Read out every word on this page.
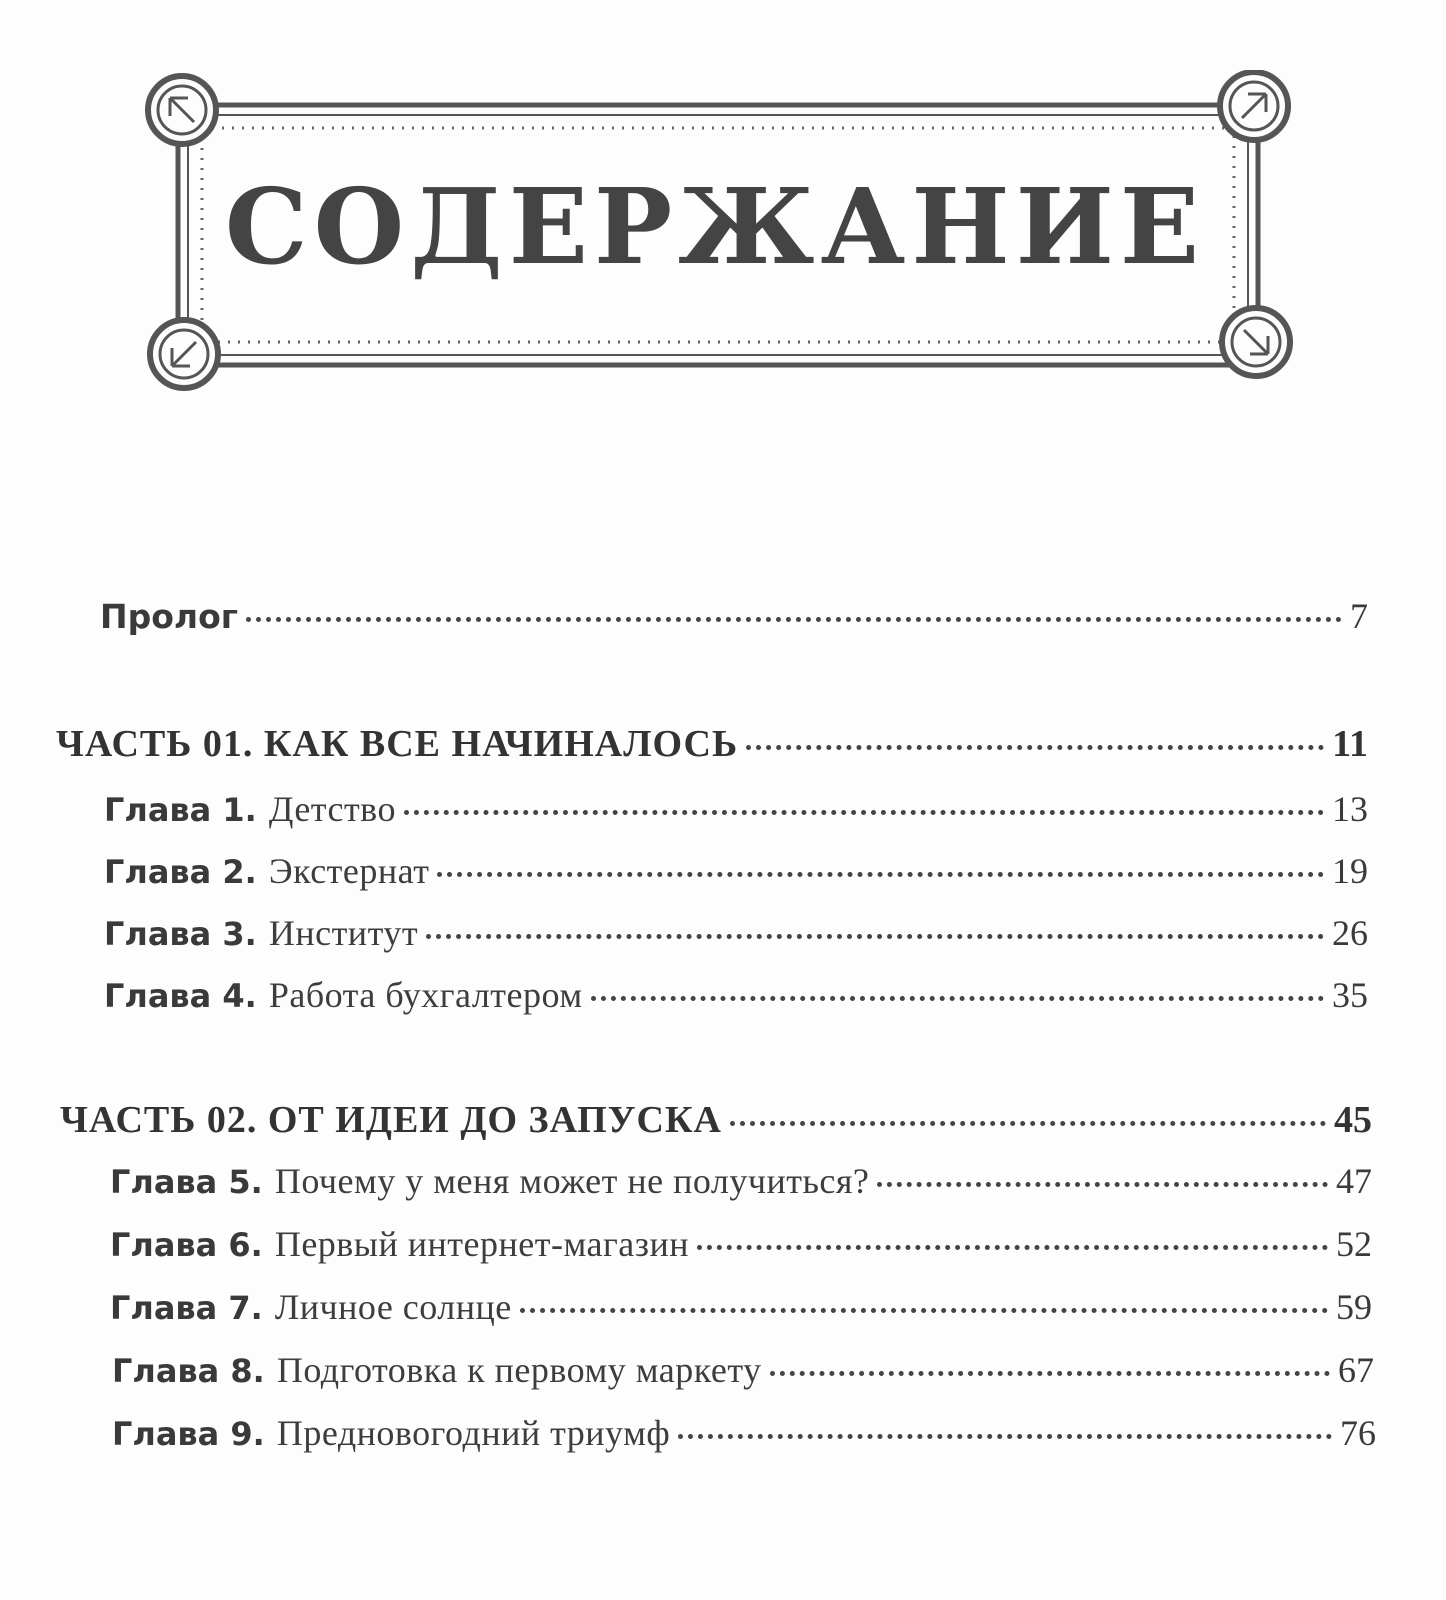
СОДЕРЖАНИЕ
Пролог	7
ЧАСТЬ 01. КАК ВСЕ НАЧИНАЛОСЬ	11
Глава 1. Детство	13
Глава 2. Экстернат	19
Глава 3. Институт	26
Глава 4. Работа бухгалтером	35
ЧАСТЬ 02. ОТ ИДЕИ ДО ЗАПУСКА	45
Глава 5. Почему у меня может не получиться?	47
Глава 6. Первый интернет-магазин	52
Глава 7. Личное солнце	59
Глава 8. Подготовка к первому маркету	67
Глава 9. Предновогодний триумф	76
